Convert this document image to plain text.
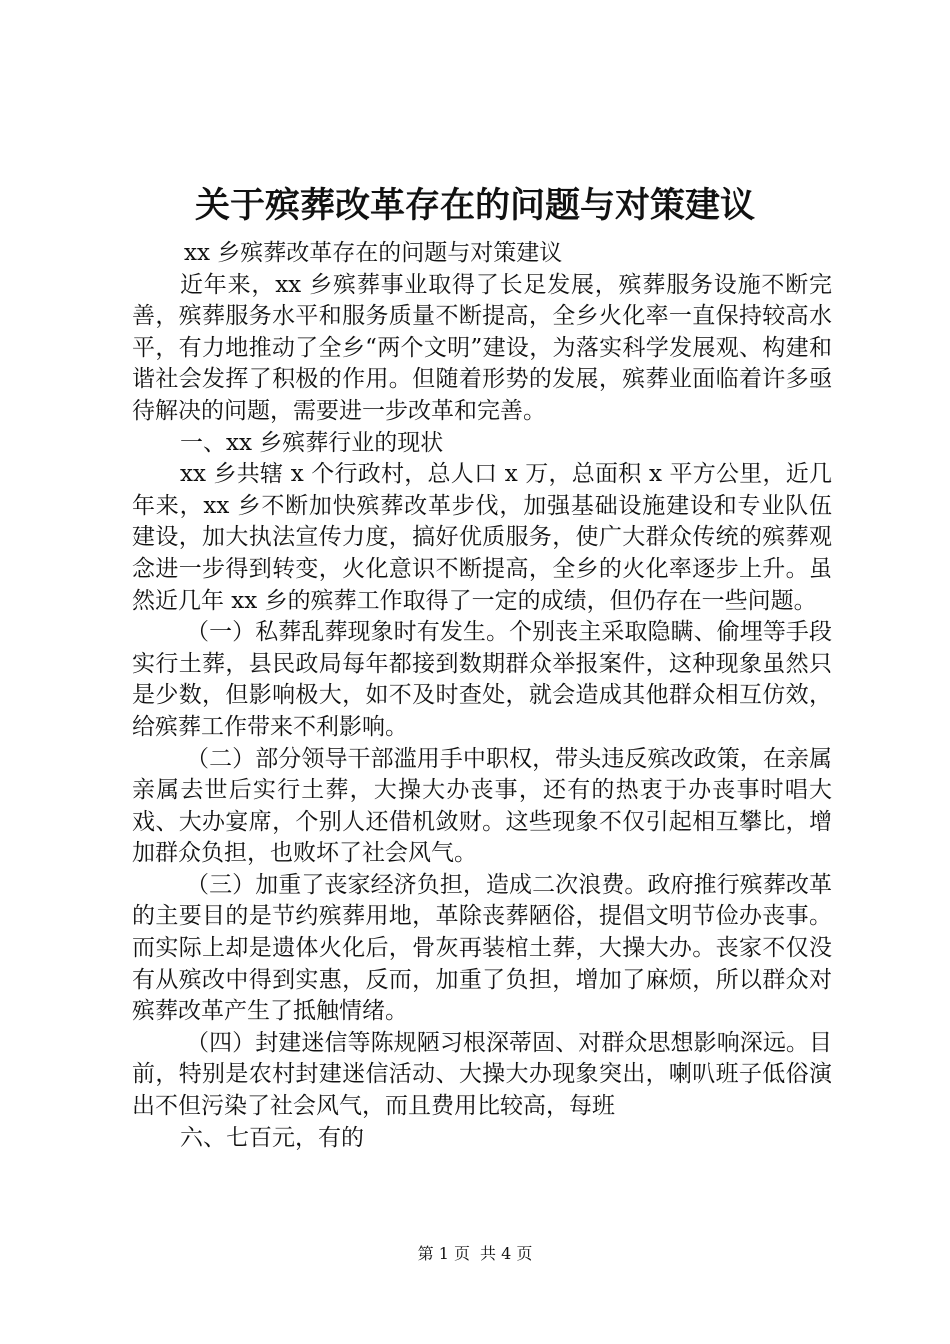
关于殡葬改革存在的问题与对策建议

xx 乡殡葬改革存在的问题与对策建议

近年来，xx 乡殡葬事业取得了长足发展，殡葬服务设施不断完善，殡葬服务水平和服务质量不断提高，全乡火化率一直保持较高水平，有力地推动了全乡“两个文明”建设，为落实科学发展观、构建和谐社会发挥了积极的作用。但随着形势的发展，殡葬业面临着许多亟待解决的问题，需要进一步改革和完善。

一、xx 乡殡葬行业的现状

xx 乡共辖 x 个行政村，总人口 x 万，总面积 x 平方公里，近几年来，xx 乡不断加快殡葬改革步伐，加强基础设施建设和专业队伍建设，加大执法宣传力度，搞好优质服务，使广大群众传统的殡葬观念进一步得到转变，火化意识不断提高，全乡的火化率逐步上升。虽然近几年 xx 乡的殡葬工作取得了一定的成绩，但仍存在一些问题。

（一）私葬乱葬现象时有发生。个别丧主采取隐瞒、偷埋等手段实行土葬，县民政局每年都接到数期群众举报案件，这种现象虽然只是少数，但影响极大，如不及时查处，就会造成其他群众相互仿效，给殡葬工作带来不利影响。

（二）部分领导干部滥用手中职权，带头违反殡改政策，在亲属亲属去世后实行土葬，大操大办丧事，还有的热衷于办丧事时唱大戏、大办宴席，个别人还借机敛财。这些现象不仅引起相互攀比，增加群众负担，也败坏了社会风气。

（三）加重了丧家经济负担，造成二次浪费。政府推行殡葬改革的主要目的是节约殡葬用地，革除丧葬陋俗，提倡文明节俭办丧事。而实际上却是遗体火化后，骨灰再装棺土葬，大操大办。丧家不仅没有从殡改中得到实惠，反而，加重了负担，增加了麻烦，所以群众对殡葬改革产生了抵触情绪。

（四）封建迷信等陈规陋习根深蒂固、对群众思想影响深远。目前，特别是农村封建迷信活动、大操大办现象突出，喇叭班子低俗演出不但污染了社会风气，而且费用比较高，每班

六、七百元，有的

第 1 页 共 4 页
